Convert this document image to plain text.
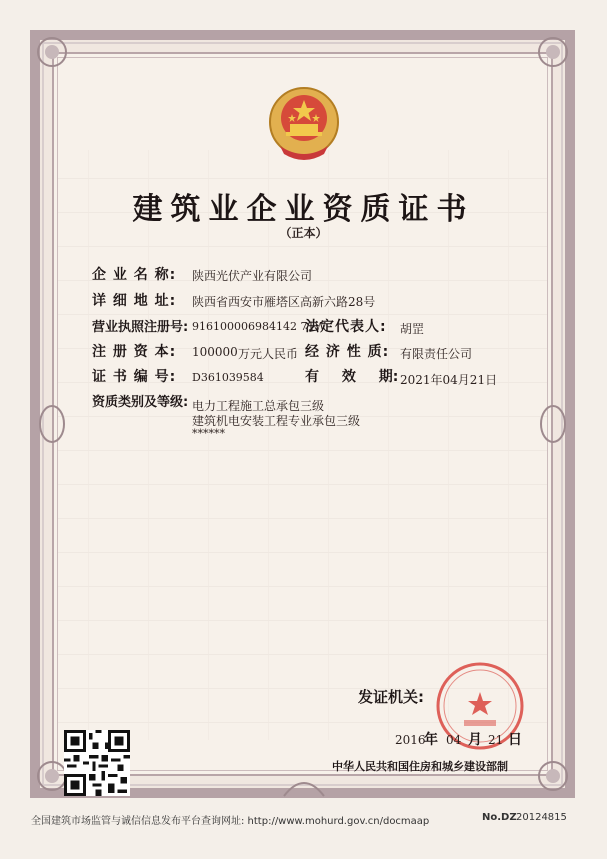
建筑业企业资质证书
（正本）
企 业 名 称: 陕西光伏产业有限公司
详 细 地 址: 陕西省西安市雁塔区高新六路28号
营业执照注册号: 916100006984142 71W
法定代表人: 胡罡
注 册 资 本: 100000 万元人民币 经 济 性 质: 有限责任公司
证 书 编 号: D361039584	有 效 期: 2021年04月21日
资质类别及等级: 电力工程施工总承包三级
建筑机电安装工程专业承包三级
******
发证机关:
2016
年 04 月 21 日
中华人民共和国住房和城乡建设部制
全国建筑市场监管与诚信信息发布平台查询网址: http://www.mohurd.gov.cn/docmaap	No.DZ 20124815
